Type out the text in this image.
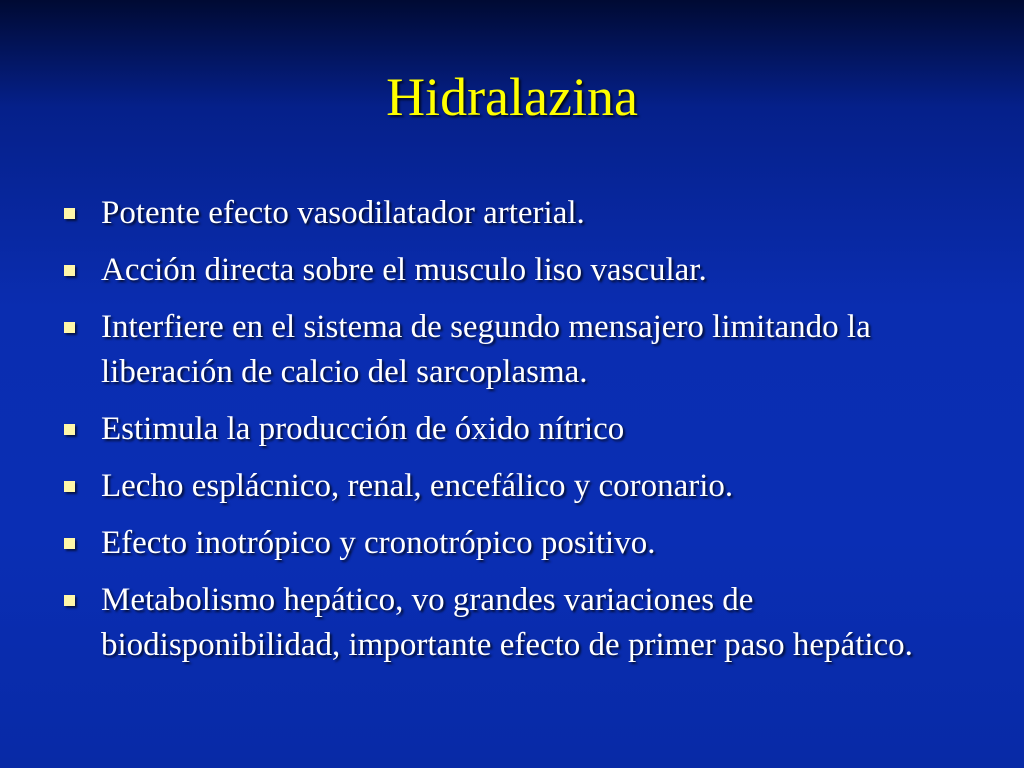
Hidralazina
Potente efecto vasodilatador arterial.
Acción directa sobre el musculo liso vascular.
Interfiere en el sistema de segundo mensajero limitando la liberación de calcio del sarcoplasma.
Estimula la producción de óxido nítrico
Lecho esplácnico, renal, encefálico y coronario.
Efecto inotrópico y cronotrópico positivo.
Metabolismo hepático, vo grandes variaciones de biodisponibilidad, importante efecto de primer paso hepático.
